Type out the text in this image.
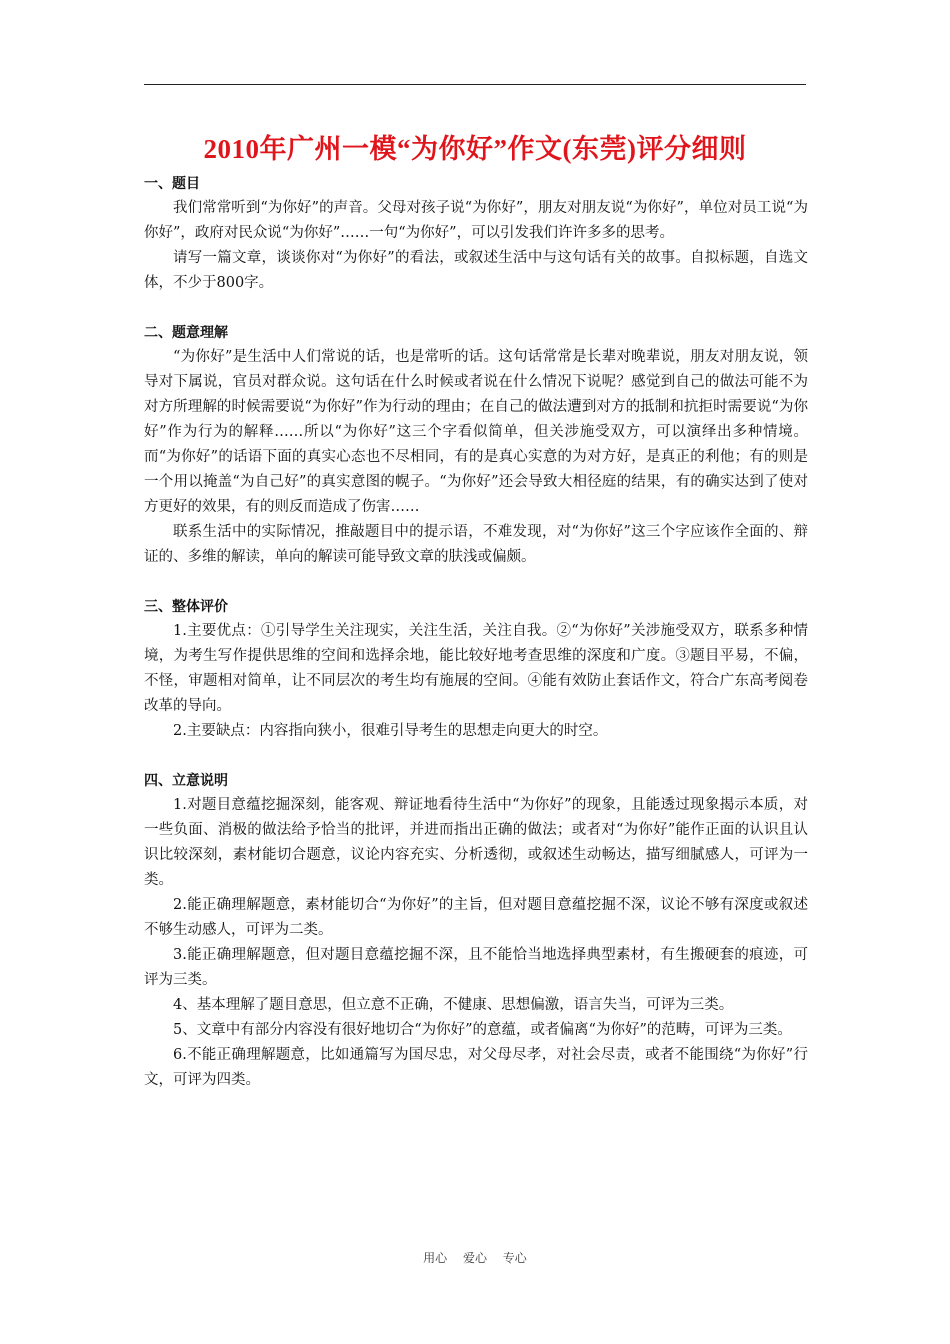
2010年广州一模“为你好”作文(东莞)评分细则

一、题目

我们常常听到“为你好”的声音。父母对孩子说“为你好”，朋友对朋友说“为你好”，单位对员工说“为你好”，政府对民众说“为你好”……一句“为你好”，可以引发我们许许多多的思考。

请写一篇文章，谈谈你对“为你好”的看法，或叙述生活中与这句话有关的故事。自拟标题，自选文体，不少于800字。

二、题意理解

“为你好”是生活中人们常说的话，也是常听的话。这句话常常是长辈对晚辈说，朋友对朋友说，领导对下属说，官员对群众说。这句话在什么时候或者说在什么情况下说呢？感觉到自己的做法可能不为对方所理解的时候需要说“为你好”作为行动的理由；在自己的做法遭到对方的抵制和抗拒时需要说“为你好”作为行为的解释……所以“为你好”这三个字看似简单，但关涉施受双方，可以演绎出多种情境。而“为你好”的话语下面的真实心态也不尽相同，有的是真心实意的为对方好，是真正的利他；有的则是一个用以掩盖“为自己好”的真实意图的幌子。“为你好”还会导致大相径庭的结果，有的确实达到了使对方更好的效果，有的则反而造成了伤害……

联系生活中的实际情况，推敲题目中的提示语，不难发现，对“为你好”这三个字应该作全面的、辩证的、多维的解读，单向的解读可能导致文章的肤浅或偏颇。

三、整体评价

1.主要优点：①引导学生关注现实，关注生活，关注自我。②“为你好”关涉施受双方，联系多种情境，为考生写作提供思维的空间和选择余地，能比较好地考查思维的深度和广度。③题目平易，不偏，不怪，审题相对简单，让不同层次的考生均有施展的空间。④能有效防止套话作文，符合广东高考阅卷改革的导向。

2.主要缺点：内容指向狭小，很难引导考生的思想走向更大的时空。

四、立意说明

1.对题目意蕴挖掘深刻，能客观、辩证地看待生活中“为你好”的现象，且能透过现象揭示本质，对一些负面、消极的做法给予恰当的批评，并进而指出正确的做法；或者对“为你好”能作正面的认识且认识比较深刻，素材能切合题意，议论内容充实、分析透彻，或叙述生动畅达，描写细腻感人，可评为一类。

2.能正确理解题意，素材能切合“为你好”的主旨，但对题目意蕴挖掘不深，议论不够有深度或叙述不够生动感人，可评为二类。

3.能正确理解题意，但对题目意蕴挖掘不深，且不能恰当地选择典型素材，有生搬硬套的痕迹，可评为三类。

4、基本理解了题目意思，但立意不正确，不健康、思想偏激，语言失当，可评为三类。

5、文章中有部分内容没有很好地切合“为你好”的意蕴，或者偏离“为你好”的范畴，可评为三类。

6.不能正确理解题意，比如通篇写为国尽忠，对父母尽孝，对社会尽责，或者不能围绕“为你好”行文，可评为四类。

用心 爱心 专心
